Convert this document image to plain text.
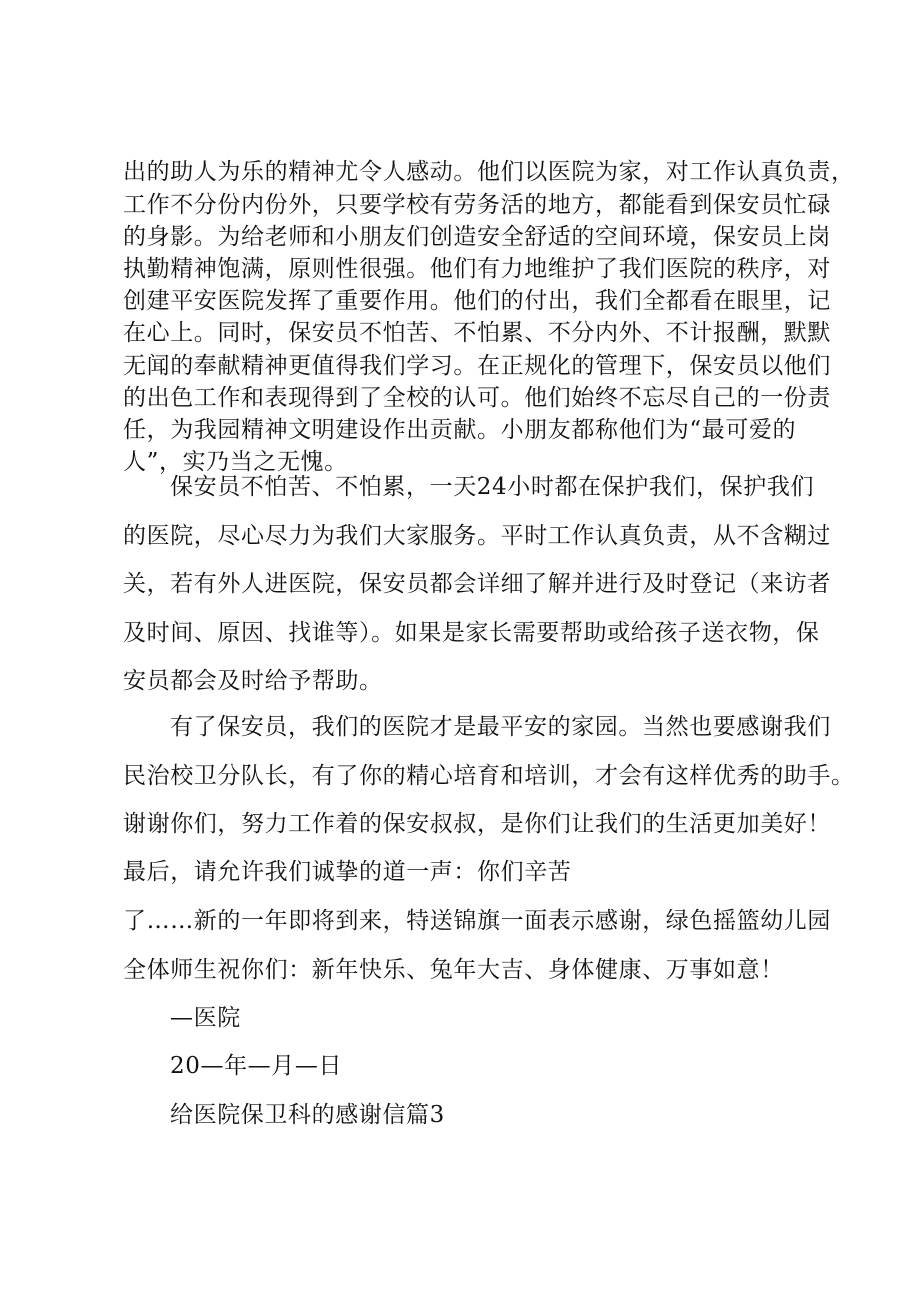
出的助人为乐的精神尤令人感动。他们以医院为家，对工作认真负责，
工作不分份内份外，只要学校有劳务活的地方，都能看到保安员忙碌
的身影。为给老师和小朋友们创造安全舒适的空间环境，保安员上岗
执勤精神饱满，原则性很强。他们有力地维护了我们医院的秩序，对
创建平安医院发挥了重要作用。他们的付出，我们全都看在眼里，记
在心上。同时，保安员不怕苦、不怕累、不分内外、不计报酬，默默
无闻的奉献精神更值得我们学习。在正规化的管理下，保安员以他们
的出色工作和表现得到了全校的认可。他们始终不忘尽自己的一份责
任，为我园精神文明建设作出贡献。小朋友都称他们为“最可爱的
人”，实乃当之无愧。
保安员不怕苦、不怕累，一天24小时都在保护我们，保护我们
的医院，尽心尽力为我们大家服务。平时工作认真负责，从不含糊过
关，若有外人进医院，保安员都会详细了解并进行及时登记（来访者
及时间、原因、找谁等）。如果是家长需要帮助或给孩子送衣物，保
安员都会及时给予帮助。
有了保安员，我们的医院才是最平安的家园。当然也要感谢我们
民治校卫分队长，有了你的精心培育和培训，才会有这样优秀的助手。
谢谢你们，努力工作着的保安叔叔，是你们让我们的生活更加美好！
最后，请允许我们诚挚的道一声：你们辛苦
了……新的一年即将到来，特送锦旗一面表示感谢，绿色摇篮幼儿园
全体师生祝你们：新年快乐、兔年大吉、身体健康、万事如意！
—医院
20—年—月—日
给医院保卫科的感谢信篇3
